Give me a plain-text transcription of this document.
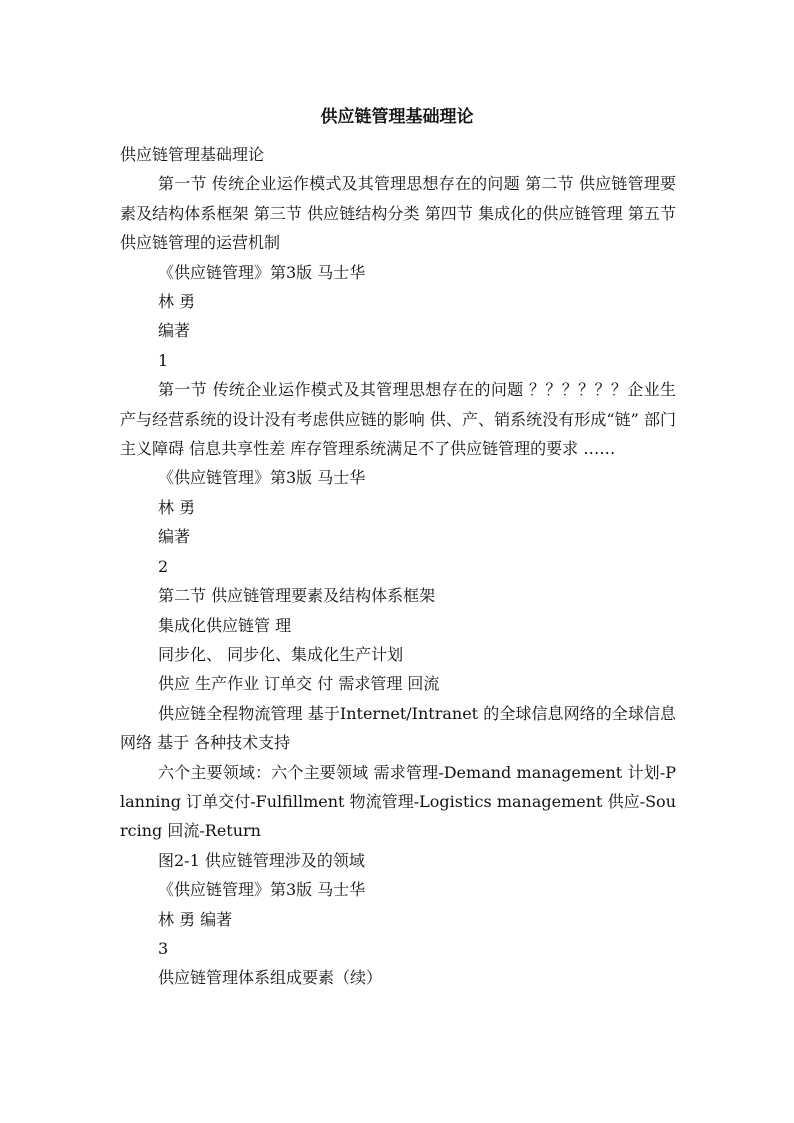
供应链管理基础理论

供应链管理基础理论

第一节 传统企业运作模式及其管理思想存在的问题 第二节 供应链管理要素及结构体系框架 第三节 供应链结构分类 第四节 集成化的供应链管理 第五节 供应链管理的运营机制

《供应链管理》第3版 马士华

林 勇

编著

1

第一节 传统企业运作模式及其管理思想存在的问题 ？？？？？？企业生产与经营系统的设计没有考虑供应链的影响 供、产、销系统没有形成“链” 部门主义障碍 信息共享性差 库存管理系统满足不了供应链管理的要求 ……

《供应链管理》第3版 马士华

林 勇

编著

2

第二节 供应链管理要素及结构体系框架

集成化供应链管 理

同步化、 同步化、集成化生产计划

供应 生产作业 订单交 付 需求管理 回流

供应链全程物流管理 基于Internet/Intranet 的全球信息网络的全球信息网络 基于 各种技术支持

六个主要领域：六个主要领域 需求管理-Demand management 计划-Planning 订单交付-Fulfillment 物流管理-Logistics management 供应-Sourcing 回流-Return

图2-1 供应链管理涉及的领域

《供应链管理》第3版 马士华

林 勇 编著

3

供应链管理体系组成要素（续）
